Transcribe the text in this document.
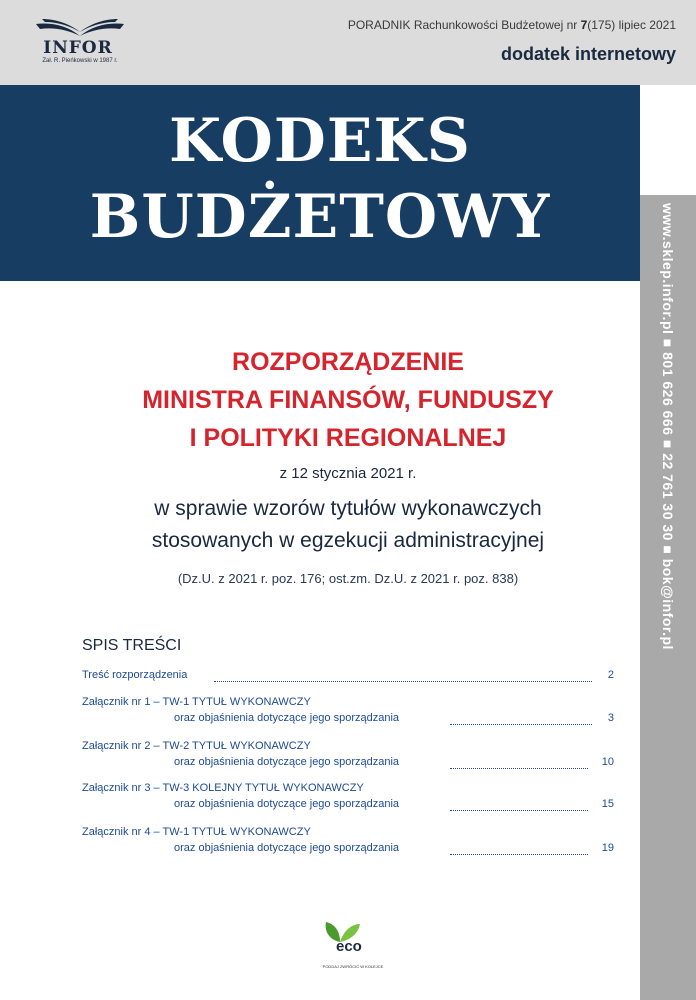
INFOR
Zał. R. Pieńkowski w 1987 r.
PORADNIK Rachunkowości Budżetowej nr 7(175) lipiec 2021
dodatek internetowy
KODEKS
BUDŻETOWY	www.sklep.infor.pl ■ 801 626 666 ■ 22 761 30 30 ■ bok@infor.pl
ROZPORZĄDZENIE
MINISTRA FINANSÓW, FUNDUSZY
I POLITYKI REGIONALNEJ
z 12 stycznia 2021 r.
w sprawie wzorów tytułów wykonawczych
stosowanych w egzekucji administracyjnej
(Dz.U. z 2021 r. poz. 176; ost.zm. Dz.U. z 2021 r. poz. 838)
SPIS TREŚCI
Treść rozporządzenia	2
Załącznik nr 1 – TW-1 TYTUŁ WYKONAWCZY
oraz objaśnienia dotyczące jego sporządzania	3
Załącznik nr 2 – TW-2 TYTUŁ WYKONAWCZY
oraz objaśnienia dotyczące jego sporządzania	10
Załącznik nr 3 – TW-3 KOLEJNY TYTUŁ WYKONAWCZY
oraz objaśnienia dotyczące jego sporządzania	15
Załącznik nr 4 – TW-1 TYTUŁ WYKONAWCZY
oraz objaśnienia dotyczące jego sporządzania	19
eco
PODDAJ ZWRÓCIĆ W KOLEJCE
